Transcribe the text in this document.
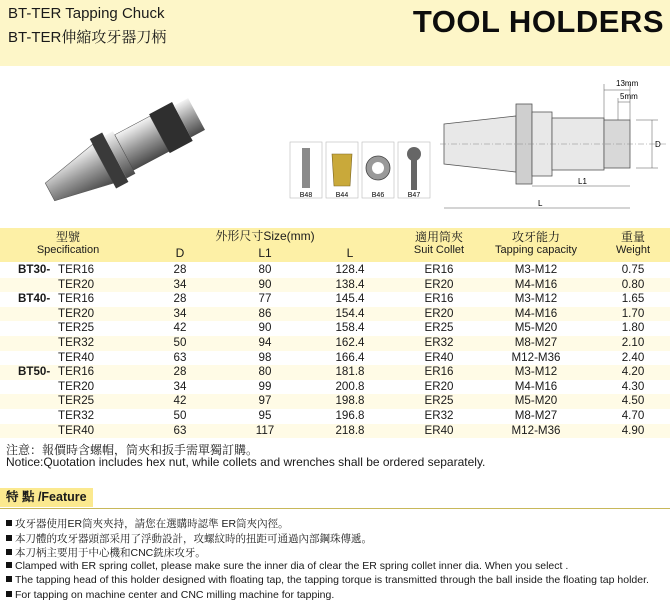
BT-TER Tapping Chuck
BT-TER伸縮攻牙器刀柄	TOOL HOLDERS
B48	B44	B46	B47
13mm
5mm
D
L1
L
型號
Specification
外形尺寸Size(mm)
D	L1	L
適用筒夾
Suit Collet
攻牙能力
Tapping capacity
重量
Weight
BT30- TER16	28	80	128.4	ER16	M3-M12	0.75
TER20	34	90	138.4	ER20	M4-M16	0.80
BT40- TER16	28	77	145.4	ER16	M3-M12	1.65
TER20	34	86	154.4	ER20	M4-M16	1.70
TER25	42	90	158.4	ER25	M5-M20	1.80
TER32	50	94	162.4	ER32	M8-M27	2.10
TER40	63	98	166.4	ER40	M12-M36	2.40
BT50- TER16	28	80	181.8	ER16	M3-M12	4.20
TER20	34	99	200.8	ER20	M4-M16	4.30
TER25	42	97	198.8	ER25	M5-M20	4.50
TER32	50	95	196.8	ER32	M8-M27	4.70
TER40	63	117	218.8	ER40	M12-M36	4.90
注意：報價時含螺帽，筒夾和扳手需單獨訂購。
Notice:Quotation includes hex nut, while collets and wrenches shall be ordered separately.
特 點 /Feature
攻牙器使用ER筒夾夾持，請您在選購時認準 ER筒夾內徑。
本刀體的攻牙器頭部采用了浮動設計，攻螺紋時的扭距可通過內部鋼珠傳遞。
本刀柄主要用于中心機和CNC銑床攻牙。
Clamped with ER spring collet, please make sure the inner dia of clear the ER spring collet inner dia. When you select .
The tapping head of this holder designed with floating tap, the tapping torque is transmitted through the ball inside the floating tap holder.
For tapping on machine center and CNC milling machine for tapping.
